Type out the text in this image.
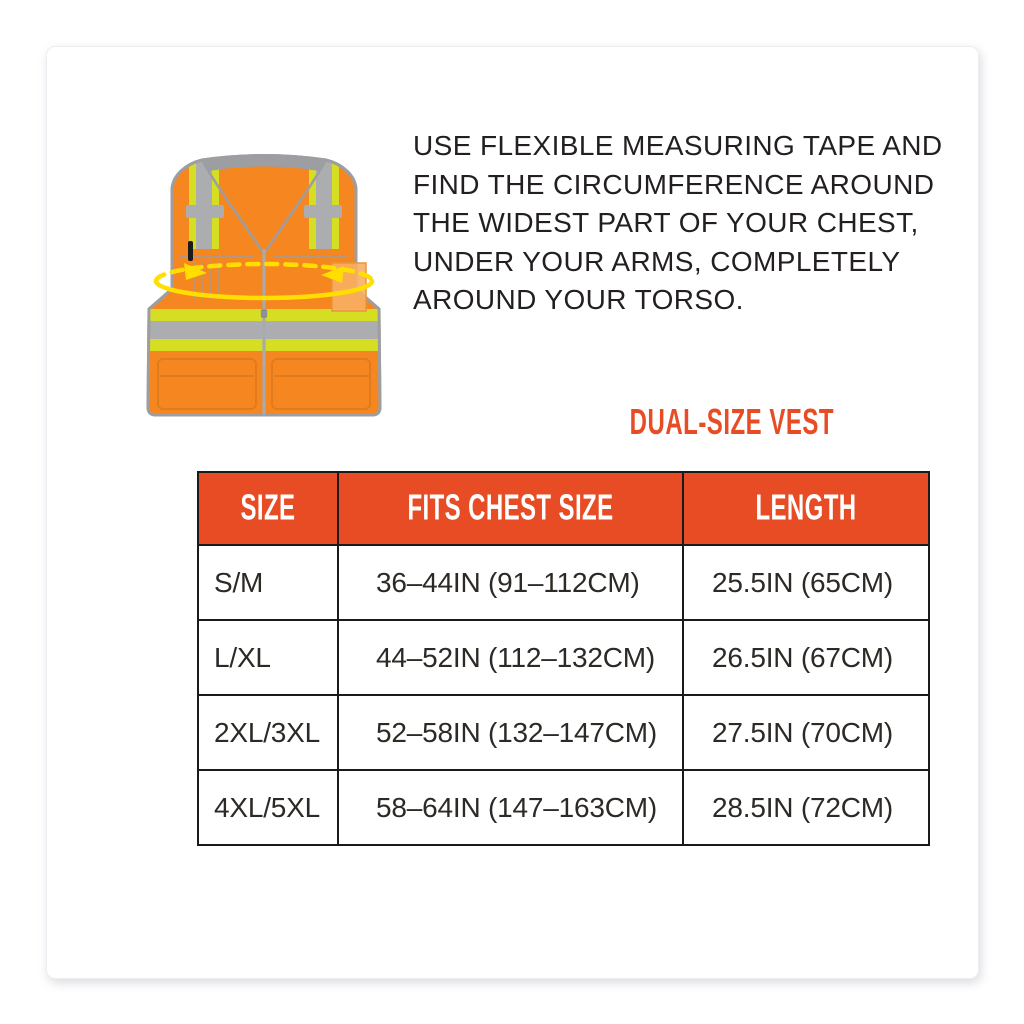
USE FLEXIBLE MEASURING TAPE AND
FIND THE CIRCUMFERENCE AROUND
THE WIDEST PART OF YOUR CHEST,
UNDER YOUR ARMS, COMPLETELY
AROUND YOUR TORSO.
DUAL-SIZE VEST
SIZE	FITS CHEST SIZE	LENGTH
S/M	36–44IN (91–112CM)	25.5IN (65CM)
L/XL	44–52IN (112–132CM)	26.5IN (67CM)
2XL/3XL	52–58IN (132–147CM)	27.5IN (70CM)
4XL/5XL	58–64IN (147–163CM)	28.5IN (72CM)
